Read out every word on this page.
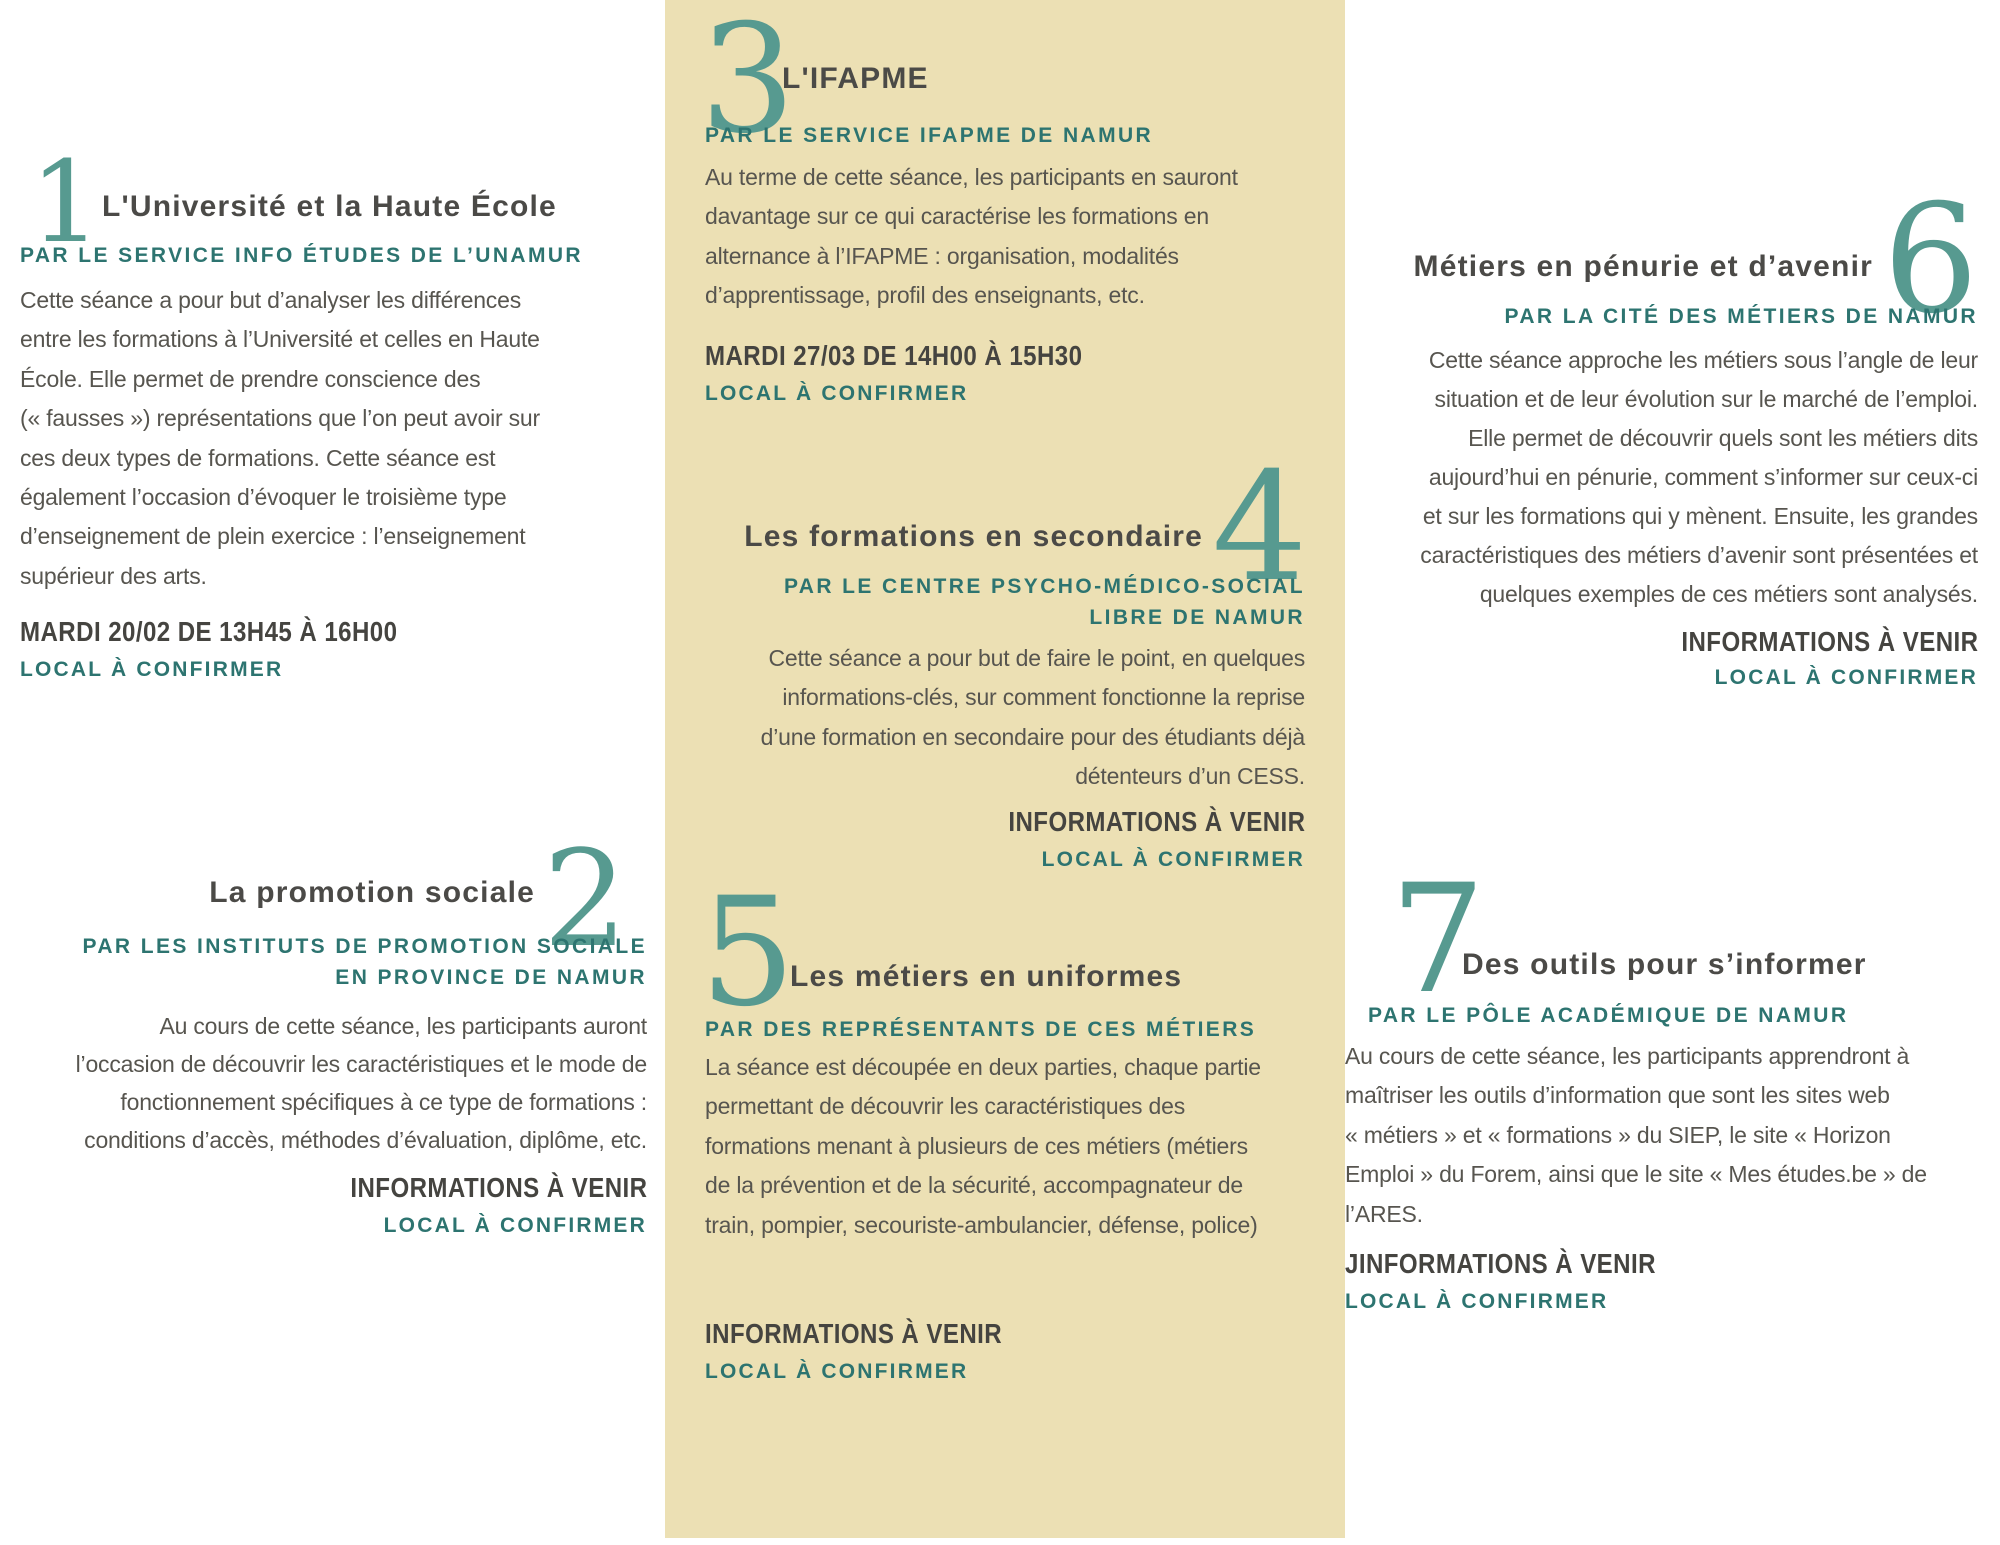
1 L'Université et la Haute École
PAR LE SERVICE INFO ÉTUDES DE L’UNAMUR
Cette séance a pour but d’analyser les différences
entre les formations à l’Université et celles en Haute
École. Elle permet de prendre conscience des
(« fausses ») représentations que l’on peut avoir sur
ces deux types de formations. Cette séance est
également l’occasion d’évoquer le troisième type
d’enseignement de plein exercice : l’enseignement
supérieur des arts.
MARDI 20/02 DE 13H45 À 16H00
LOCAL À CONFIRMER
2
La promotion sociale
PAR LES INSTITUTS DE PROMOTION SOCIALE
EN PROVINCE DE NAMUR
Au cours de cette séance, les participants auront
l’occasion de découvrir les caractéristiques et le mode de
fonctionnement spécifiques à ce type de formations :
conditions d’accès, méthodes d’évaluation, diplôme, etc.
INFORMATIONS À VENIR
LOCAL À CONFIRMER
3
L'IFAPME
PAR LE SERVICE IFAPME DE NAMUR
Au terme de cette séance, les participants en sauront
davantage sur ce qui caractérise les formations en
alternance à l’IFAPME : organisation, modalités
d’apprentissage, profil des enseignants, etc.
MARDI 27/03 DE 14H00 À 15H30
LOCAL À CONFIRMER
4
Les formations en secondaire
PAR LE CENTRE PSYCHO-MÉDICO-SOCIAL
LIBRE DE NAMUR
Cette séance a pour but de faire le point, en quelques
informations-clés, sur comment fonctionne la reprise
d’une formation en secondaire pour des étudiants déjà
détenteurs d’un CESS.
INFORMATIONS À VENIR
LOCAL À CONFIRMER
5
Les métiers en uniformes
PAR DES REPRÉSENTANTS DE CES MÉTIERS
La séance est découpée en deux parties, chaque partie
permettant de découvrir les caractéristiques des
formations menant à plusieurs de ces métiers (métiers
de la prévention et de la sécurité, accompagnateur de
train, pompier, secouriste-ambulancier, défense, police)
INFORMATIONS À VENIR
LOCAL À CONFIRMER
6
Métiers en pénurie et d’avenir
PAR LA CITÉ DES MÉTIERS DE NAMUR
Cette séance approche les métiers sous l’angle de leur
situation et de leur évolution sur le marché de l’emploi.
Elle permet de découvrir quels sont les métiers dits
aujourd’hui en pénurie, comment s’informer sur ceux-ci
et sur les formations qui y mènent. Ensuite, les grandes
caractéristiques des métiers d’avenir sont présentées et
quelques exemples de ces métiers sont analysés.
INFORMATIONS À VENIR
LOCAL À CONFIRMER
7
Des outils pour s’informer
PAR LE PÔLE ACADÉMIQUE DE NAMUR
Au cours de cette séance, les participants apprendront à
maîtriser les outils d’information que sont les sites web
« métiers » et « formations » du SIEP, le site « Horizon
Emploi » du Forem, ainsi que le site « Mes études.be » de
l’ARES.
JINFORMATIONS À VENIR
LOCAL À CONFIRMER
